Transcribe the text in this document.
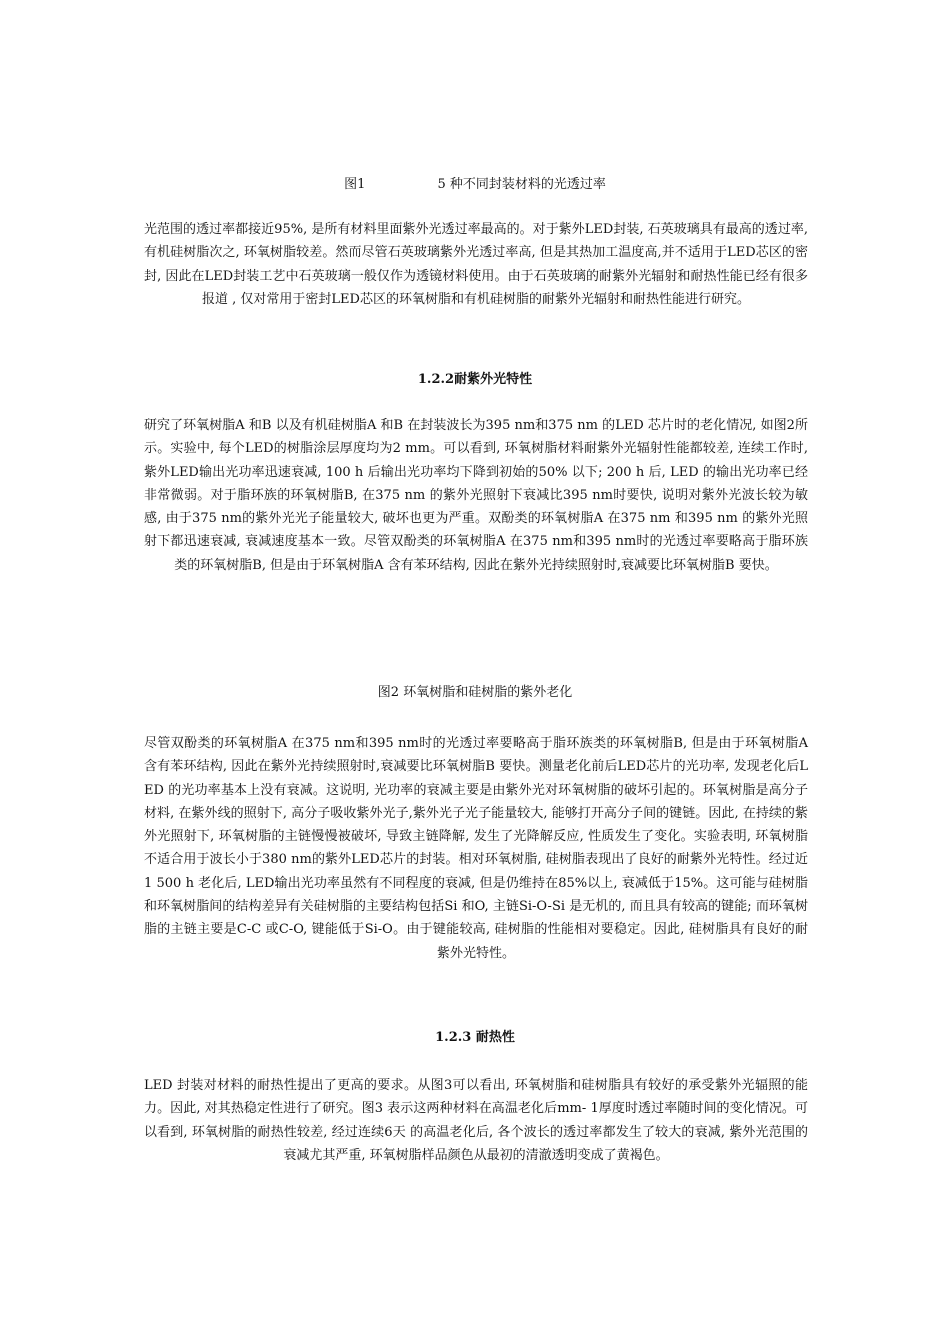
图1	5 种不同封装材料的光透过率
光范围的透过率都接近95%, 是所有材料里面紫外光透过率最高的。对于紫外LED封装, 石英玻璃具有最高的透过率, 有机硅树脂次之, 环氧树脂较差。然而尽管石英玻璃紫外光透过率高, 但是其热加工温度高,并不适用于LED芯区的密封, 因此在LED封装工艺中石英玻璃一般仅作为透镜材料使用。由于石英玻璃的耐紫外光辐射和耐热性能已经有很多报道 , 仅对常用于密封LED芯区的环氧树脂和有机硅树脂的耐紫外光辐射和耐热性能进行研究。
1.2.2耐紫外光特性
研究了环氧树脂A 和B 以及有机硅树脂A 和B 在封装波长为395 nm和375 nm 的LED 芯片时的老化情况, 如图2所示。实验中, 每个LED的树脂涂层厚度均为2 mm。可以看到, 环氧树脂材料耐紫外光辐射性能都较差, 连续工作时, 紫外LED输出光功率迅速衰减, 100 h 后输出光功率均下降到初始的50% 以下; 200 h 后, LED 的输出光功率已经非常微弱。对于脂环族的环氧树脂B, 在375 nm 的紫外光照射下衰减比395 nm时要快, 说明对紫外光波长较为敏感, 由于375 nm的紫外光光子能量较大, 破坏也更为严重。双酚类的环氧树脂A 在375 nm 和395 nm 的紫外光照射下都迅速衰减, 衰减速度基本一致。尽管双酚类的环氧树脂A 在375 nm和395 nm时的光透过率要略高于脂环族类的环氧树脂B, 但是由于环氧树脂A 含有苯环结构, 因此在紫外光持续照射时,衰减要比环氧树脂B 要快。
图2 环氧树脂和硅树脂的紫外老化
尽管双酚类的环氧树脂A 在375 nm和395 nm时的光透过率要略高于脂环族类的环氧树脂B, 但是由于环氧树脂A 含有苯环结构, 因此在紫外光持续照射时,衰减要比环氧树脂B 要快。测量老化前后LED芯片的光功率, 发现老化后LED 的光功率基本上没有衰减。这说明, 光功率的衰减主要是由紫外光对环氧树脂的破坏引起的。环氧树脂是高分子材料, 在紫外线的照射下, 高分子吸收紫外光子,紫外光子光子能量较大, 能够打开高分子间的键链。因此, 在持续的紫外光照射下, 环氧树脂的主链慢慢被破坏, 导致主链降解, 发生了光降解反应, 性质发生了变化。实验表明, 环氧树脂不适合用于波长小于380 nm的紫外LED芯片的封装。相对环氧树脂, 硅树脂表现出了良好的耐紫外光特性。经过近1 500 h 老化后, LED输出光功率虽然有不同程度的衰减, 但是仍维持在85%以上, 衰减低于15%。这可能与硅树脂和环氧树脂间的结构差异有关硅树脂的主要结构包括Si 和O, 主链Si-O-Si 是无机的, 而且具有较高的键能; 而环氧树脂的主链主要是C-C 或C-O, 键能低于Si-O。由于键能较高, 硅树脂的性能相对要稳定。因此, 硅树脂具有良好的耐紫外光特性。
1.2.3 耐热性
LED 封装对材料的耐热性提出了更高的要求。从图3可以看出, 环氧树脂和硅树脂具有较好的承受紫外光辐照的能力。因此, 对其热稳定性进行了研究。图3 表示这两种材料在高温老化后mm- 1厚度时透过率随时间的变化情况。可以看到, 环氧树脂的耐热性较差, 经过连续6天 的高温老化后, 各个波长的透过率都发生了较大的衰减, 紫外光范围的衰减尤其严重, 环氧树脂样品颜色从最初的清澈透明变成了黄褐色。
